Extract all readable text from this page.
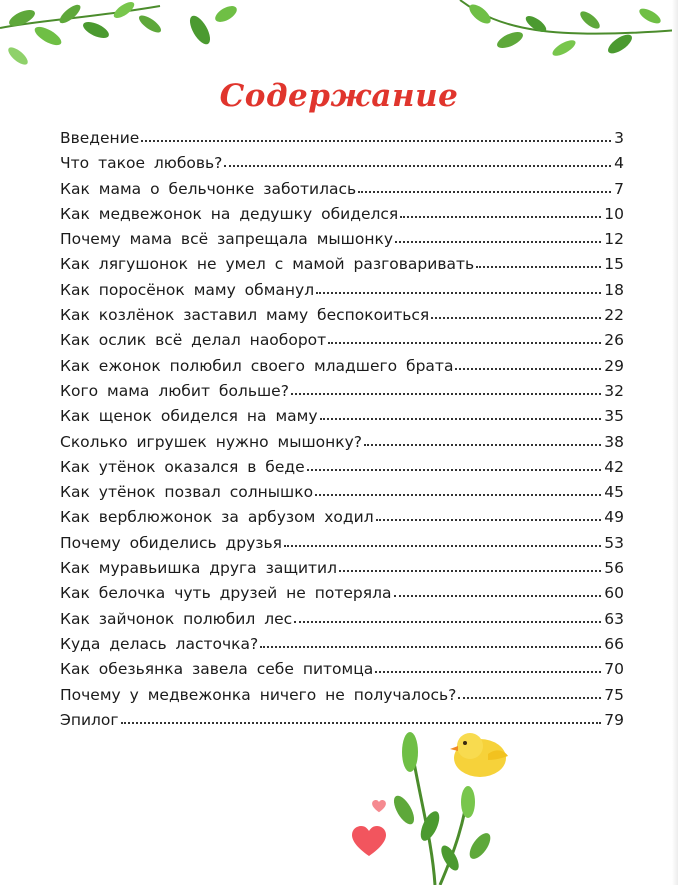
Содержание
Введение	3
Что такое любовь?	4
Как мама о бельчонке заботилась	7
Как медвежонок на дедушку обиделся	10
Почему мама всё запрещала мышонку	12
Как лягушонок не умел с мамой разговаривать	15
Как поросёнок маму обманул	18
Как козлёнок заставил маму беспокоиться	22
Как ослик всё делал наоборот	26
Как ежонок полюбил своего младшего брата	29
Кого мама любит больше?	32
Как щенок обиделся на маму	35
Сколько игрушек нужно мышонку?	38
Как утёнок оказался в беде	42
Как утёнок позвал солнышко	45
Как верблюжонок за арбузом ходил	49
Почему обиделись друзья	53
Как муравьишка друга защитил	56
Как белочка чуть друзей не потеряла	60
Как зайчонок полюбил лес	63
Куда делась ласточка?	66
Как обезьянка завела себе питомца	70
Почему у медвежонка ничего не получалось?	75
Эпилог	79
